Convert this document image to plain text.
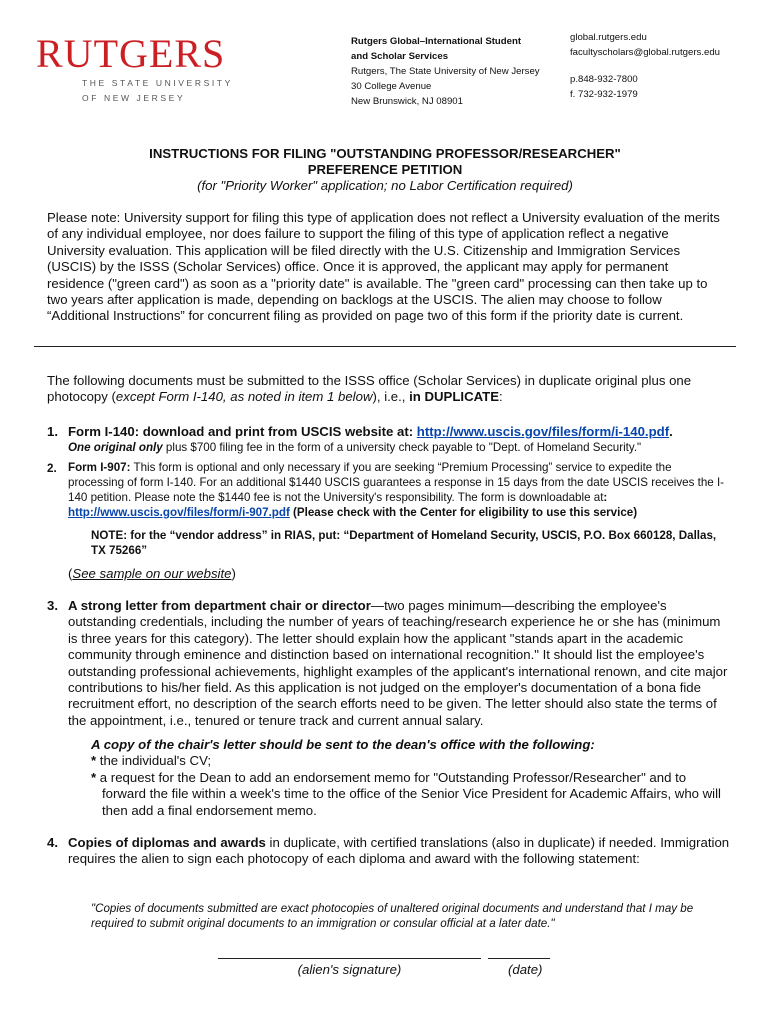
RUTGERS
THE STATE UNIVERSITY
OF NEW JERSEY
Rutgers Global–International Student
and Scholar Services
Rutgers, The State University of New Jersey
30 College Avenue
New Brunswick, NJ 08901
global.rutgers.edu
facultyscholars@global.rutgers.edu
p.848-932-7800
f. 732-932-1979
INSTRUCTIONS FOR FILING "OUTSTANDING PROFESSOR/RESEARCHER"
PREFERENCE PETITION
(for "Priority Worker" application; no Labor Certification required)
Please note: University support for filing this type of application does not reflect a University evaluation of the merits of any individual employee, nor does failure to support the filing of this type of application reflect a negative University evaluation. This application will be filed directly with the U.S. Citizenship and Immigration Services (USCIS) by the ISSS (Scholar Services) office. Once it is approved, the applicant may apply for permanent residence ("green card") as soon as a "priority date" is available. The "green card" processing can then take up to two years after application is made, depending on backlogs at the USCIS. The alien may choose to follow “Additional Instructions” for concurrent filing as provided on page two of this form if the priority date is current.
The following documents must be submitted to the ISSS office (Scholar Services) in duplicate original plus one photocopy (except Form I-140, as noted in item 1 below), i.e., in DUPLICATE:
1. Form I-140: download and print from USCIS website at: http://www.uscis.gov/files/form/i-140.pdf.
One original only plus $700 filing fee in the form of a university check payable to "Dept. of Homeland Security."
2. Form I-907: This form is optional and only necessary if you are seeking “Premium Processing” service to expedite the processing of form I-140. For an additional $1440 USCIS guarantees a response in 15 days from the date USCIS receives the I-140 petition. Please note the $1440 fee is not the University's responsibility. The form is downloadable at: http://www.uscis.gov/files/form/i-907.pdf (Please check with the Center for eligibility to use this service)
NOTE: for the “vendor address” in RIAS, put: “Department of Homeland Security, USCIS, P.O. Box 660128, Dallas, TX 75266”
(See sample on our website)
3. A strong letter from department chair or director—two pages minimum—describing the employee's outstanding credentials, including the number of years of teaching/research experience he or she has (minimum is three years for this category). The letter should explain how the applicant "stands apart in the academic community through eminence and distinction based on international recognition." It should list the employee's outstanding professional achievements, highlight examples of the applicant's international renown, and cite major contributions to his/her field. As this application is not judged on the employer's documentation of a bona fide recruitment effort, no description of the search efforts need to be given. The letter should also state the terms of the appointment, i.e., tenured or tenure track and current annual salary.
A copy of the chair's letter should be sent to the dean's office with the following:
* the individual's CV;
* a request for the Dean to add an endorsement memo for "Outstanding Professor/Researcher" and to forward the file within a week's time to the office of the Senior Vice President for Academic Affairs, who will then add a final endorsement memo.
4. Copies of diplomas and awards in duplicate, with certified translations (also in duplicate) if needed. Immigration requires the alien to sign each photocopy of each diploma and award with the following statement:
"Copies of documents submitted are exact photocopies of unaltered original documents and understand that I may be required to submit original documents to an immigration or consular official at a later date."
(alien's signature)	(date)
